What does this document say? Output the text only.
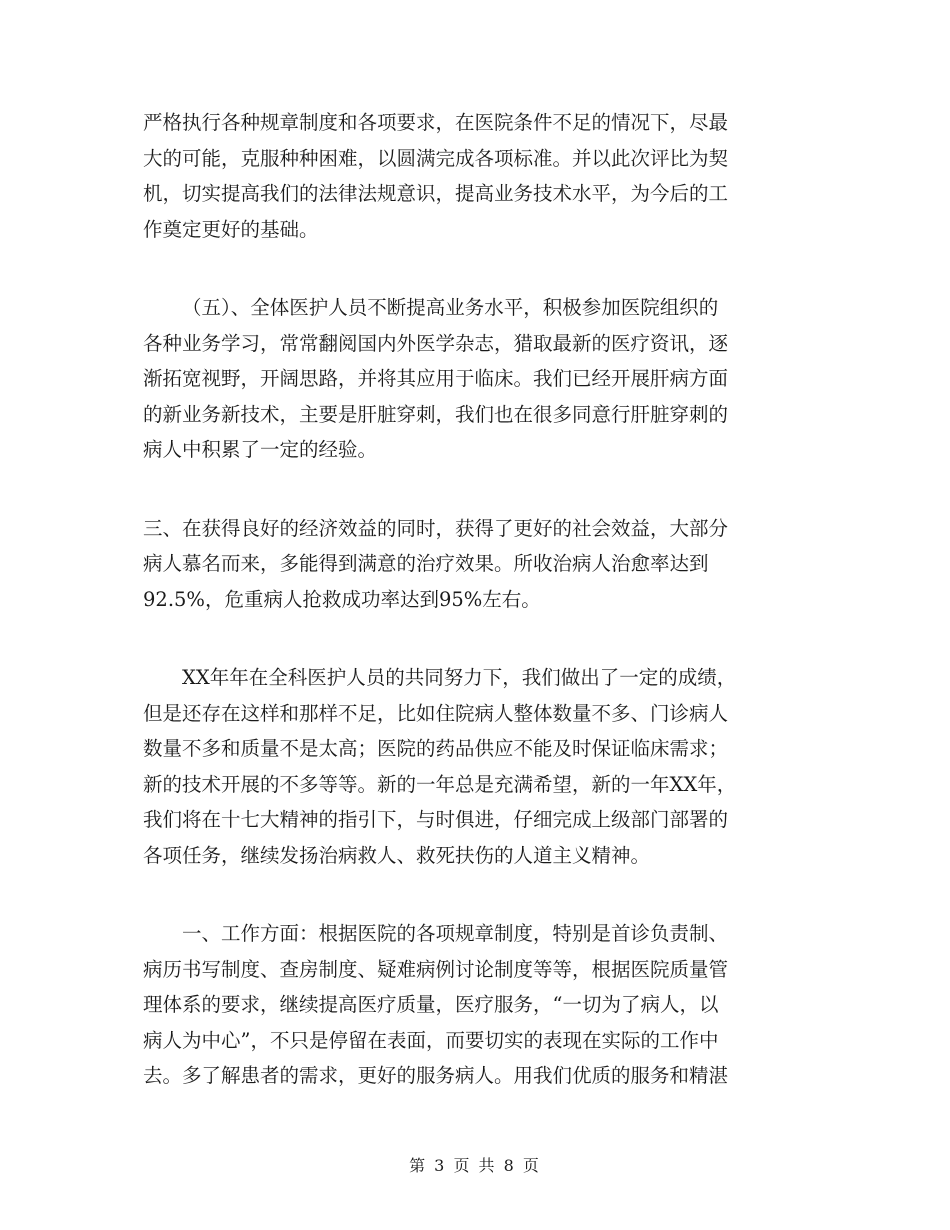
严格执行各种规章制度和各项要求，在医院条件不足的情况下，尽最
大的可能，克服种种困难，以圆满完成各项标准。并以此次评比为契
机，切实提高我们的法律法规意识，提高业务技术水平，为今后的工
作奠定更好的基础。
（五）、全体医护人员不断提高业务水平，积极参加医院组织的
各种业务学习，常常翻阅国内外医学杂志，猎取最新的医疗资讯，逐
渐拓宽视野，开阔思路，并将其应用于临床。我们已经开展肝病方面
的新业务新技术，主要是肝脏穿刺，我们也在很多同意行肝脏穿刺的
病人中积累了一定的经验。
三、在获得良好的经济效益的同时，获得了更好的社会效益，大部分
病人慕名而来，多能得到满意的治疗效果。所收治病人治愈率达到
92.5%，危重病人抢救成功率达到95%左右。
XX年年在全科医护人员的共同努力下，我们做出了一定的成绩，
但是还存在这样和那样不足，比如住院病人整体数量不多、门诊病人
数量不多和质量不是太高；医院的药品供应不能及时保证临床需求；
新的技术开展的不多等等。新的一年总是充满希望，新的一年XX年，
我们将在十七大精神的指引下，与时俱进，仔细完成上级部门部署的
各项任务，继续发扬治病救人、救死扶伤的人道主义精神。
一、工作方面：根据医院的各项规章制度，特别是首诊负责制、
病历书写制度、查房制度、疑难病例讨论制度等等，根据医院质量管
理体系的要求，继续提高医疗质量，医疗服务，“一切为了病人，以
病人为中心”，不只是停留在表面，而要切实的表现在实际的工作中
去。多了解患者的需求，更好的服务病人。用我们优质的服务和精湛
第 3 页 共 8 页
